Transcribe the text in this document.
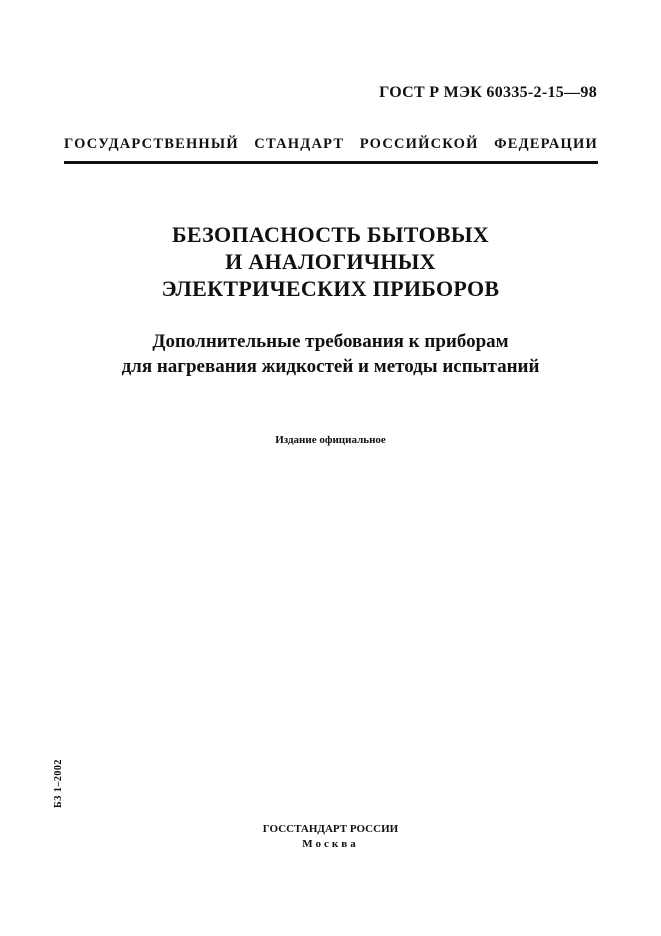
ГОСТ Р МЭК 60335-2-15—98
ГОСУДАРСТВЕННЫЙ СТАНДАРТ РОССИЙСКОЙ ФЕДЕРАЦИИ
БЕЗОПАСНОСТЬ БЫТОВЫХ
И АНАЛОГИЧНЫХ
ЭЛЕКТРИЧЕСКИХ ПРИБОРОВ
Дополнительные требования к приборам
для нагревания жидкостей и методы испытаний
Издание официальное
БЗ 1–2002
ГОССТАНДАРТ РОССИИ
Москва
